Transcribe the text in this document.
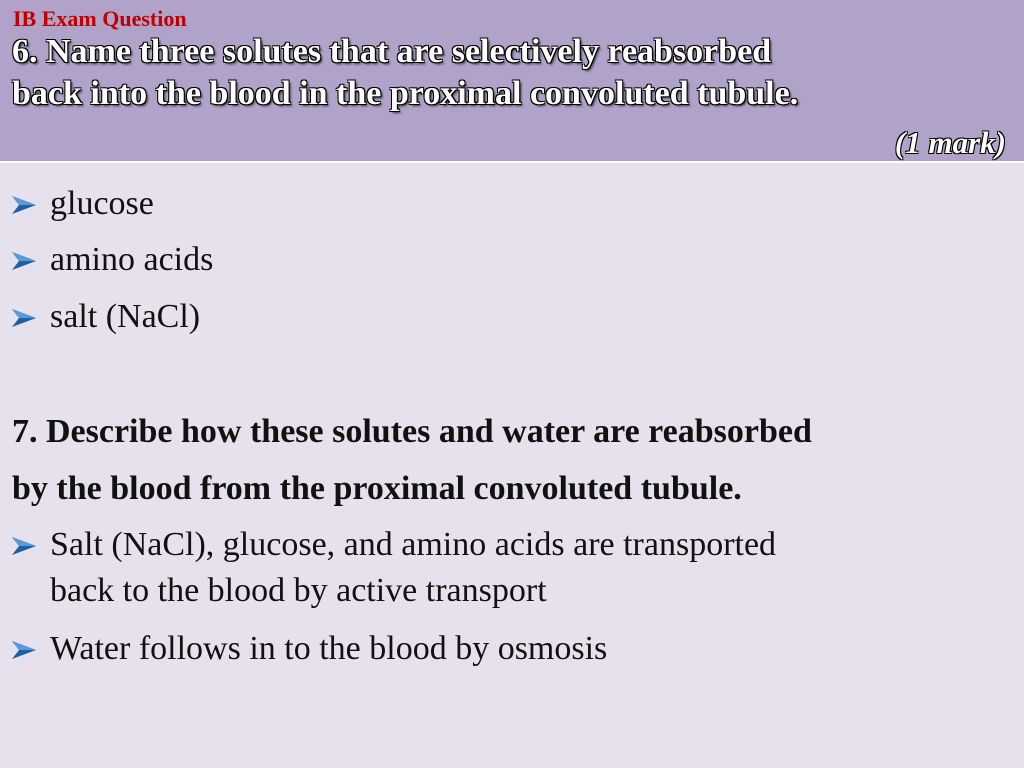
IB Exam Question
6. Name three solutes that are selectively reabsorbed
back into the blood in the proximal convoluted tubule.
(1 mark)
glucose
amino acids
salt (NaCl)
7. Describe how these solutes and water are reabsorbed
by the blood from the proximal convoluted tubule.
Salt (NaCl), glucose, and amino acids are transported
back to the blood by active transport
Water follows in to the blood by osmosis
